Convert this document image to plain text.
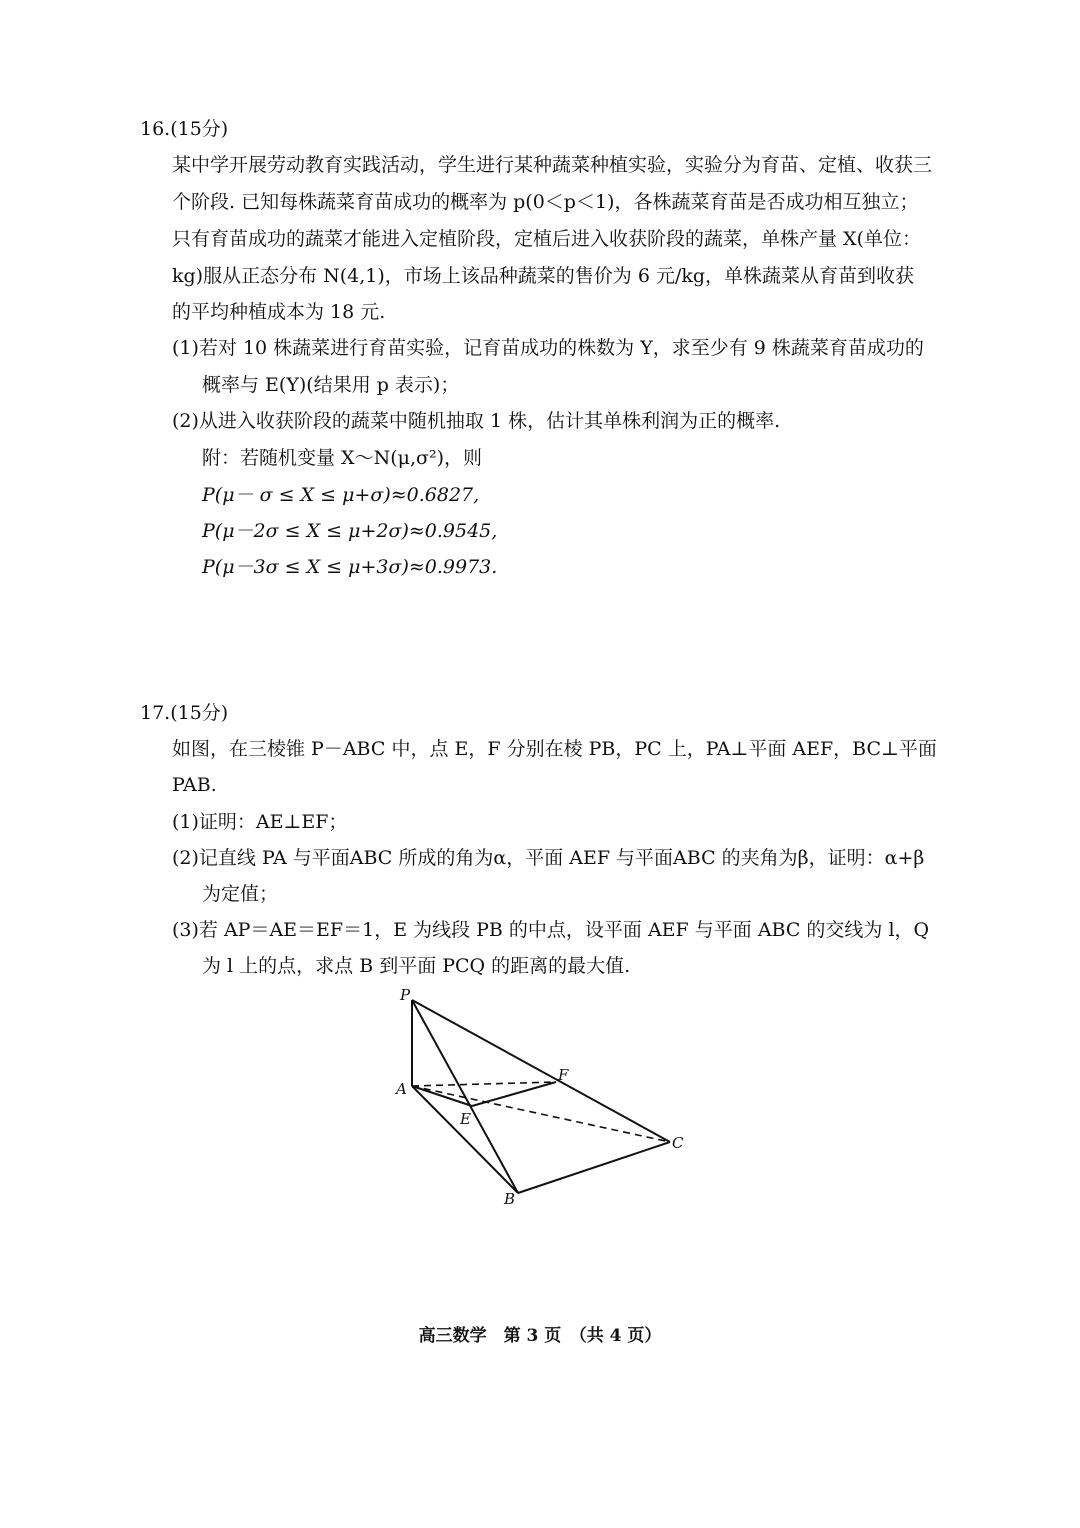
16.(15分)
某中学开展劳动教育实践活动，学生进行某种蔬菜种植实验，实验分为育苗、定植、收获三
个阶段. 已知每株蔬菜育苗成功的概率为 p(0＜p＜1)，各株蔬菜育苗是否成功相互独立；
只有育苗成功的蔬菜才能进入定植阶段，定植后进入收获阶段的蔬菜，单株产量 X(单位：
kg)服从正态分布 N(4,1)，市场上该品种蔬菜的售价为 6 元/kg，单株蔬菜从育苗到收获
的平均种植成本为 18 元.
(1)若对 10 株蔬菜进行育苗实验，记育苗成功的株数为 Y，求至少有 9 株蔬菜育苗成功的
概率与 E(Y)(结果用 p 表示)；
(2)从进入收获阶段的蔬菜中随机抽取 1 株，估计其单株利润为正的概率.
附：若随机变量 X～N(μ,σ²)，则
P(μ－ σ ≤ X ≤ μ+σ)≈0.6827,
P(μ－2σ ≤ X ≤ μ+2σ)≈0.9545,
P(μ－3σ ≤ X ≤ μ+3σ)≈0.9973.
17.(15分)
如图，在三棱锥 P－ABC 中，点 E，F 分别在棱 PB，PC 上，PA⊥平面 AEF，BC⊥平面
PAB.
(1)证明：AE⊥EF；
(2)记直线 PA 与平面ABC 所成的角为α，平面 AEF 与平面ABC 的夹角为β，证明：α+β
为定值；
(3)若 AP＝AE＝EF＝1，E 为线段 PB 的中点，设平面 AEF 与平面 ABC 的交线为 l，Q
为 l 上的点，求点 B 到平面 PCQ 的距离的最大值.
P
A
F
E
C
B
高三数学　第 3 页　（共 4 页）
